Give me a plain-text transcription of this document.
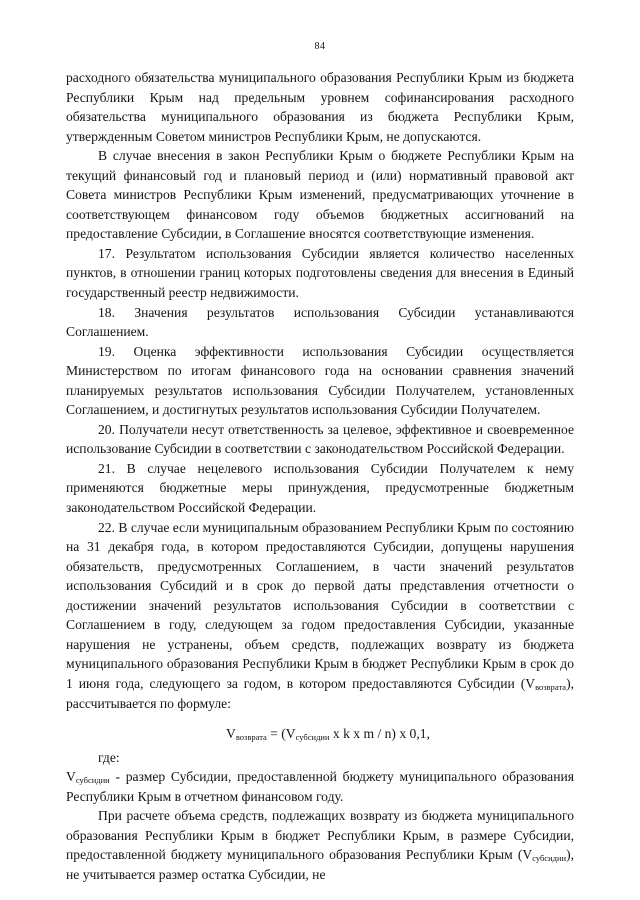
84

расходного обязательства муниципального образования Республики Крым из бюджета Республики Крым над предельным уровнем софинансирования расходного обязательства муниципального образования из бюджета Республики Крым, утвержденным Советом министров Республики Крым, не допускаются.

В случае внесения в закон Республики Крым о бюджете Республики Крым на текущий финансовый год и плановый период и (или) нормативный правовой акт Совета министров Республики Крым изменений, предусматривающих уточнение в соответствующем финансовом году объемов бюджетных ассигнований на предоставление Субсидии, в Соглашение вносятся соответствующие изменения.

17. Результатом использования Субсидии является количество населенных пунктов, в отношении границ которых подготовлены сведения для внесения в Единый государственный реестр недвижимости.

18. Значения результатов использования Субсидии устанавливаются Соглашением.

19. Оценка эффективности использования Субсидии осуществляется Министерством по итогам финансового года на основании сравнения значений планируемых результатов использования Субсидии Получателем, установленных Соглашением, и достигнутых результатов использования Субсидии Получателем.

20. Получатели несут ответственность за целевое, эффективное и своевременное использование Субсидии в соответствии с законодательством Российской Федерации.

21. В случае нецелевого использования Субсидии Получателем к нему применяются бюджетные меры принуждения, предусмотренные бюджетным законодательством Российской Федерации.

22. В случае если муниципальным образованием Республики Крым по состоянию на 31 декабря года, в котором предоставляются Субсидии, допущены нарушения обязательств, предусмотренных Соглашением, в части значений результатов использования Субсидий и в срок до первой даты представления отчетности о достижении значений результатов использования Субсидии в соответствии с Соглашением в году, следующем за годом предоставления Субсидии, указанные нарушения не устранены, объем средств, подлежащих возврату из бюджета муниципального образования Республики Крым в бюджет Республики Крым в срок до 1 июня года, следующего за годом, в котором предоставляются Субсидии $(V_{возврата})$, рассчитывается по формуле:

$V_{возврата} = (V_{субсидии}$ x k x m / n) x 0,1,

где:

$V_{субсидии}$ - размер Субсидии, предоставленной бюджету муниципального образования Республики Крым в отчетном финансовом году.

При расчете объема средств, подлежащих возврату из бюджета муниципального образования Республики Крым в бюджет Республики Крым, в размере Субсидии, предоставленной бюджету муниципального образования Республики Крым $(V_{субсидии})$, не учитывается размер остатка Субсидии, не
